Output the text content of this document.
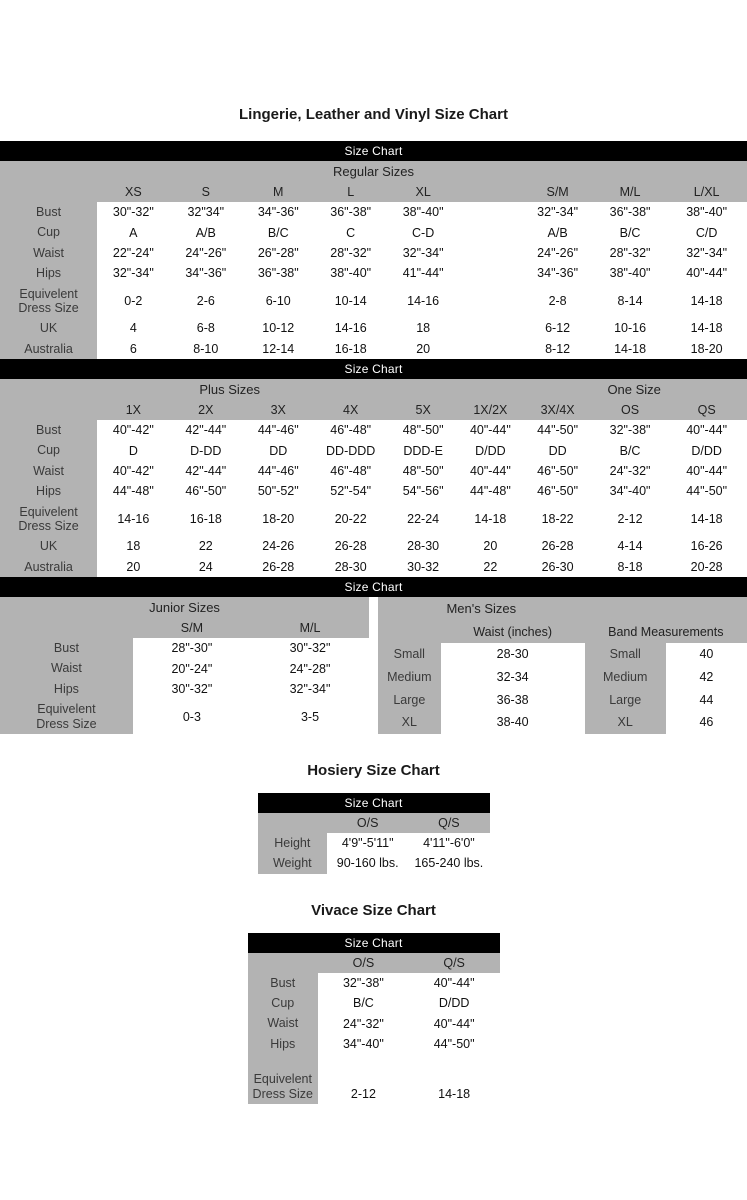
Lingerie, Leather and Vinyl Size Chart
Size Chart									
Regular Sizes									
	XS	S	M	L	XL		S/M	M/L	L/XL
Bust	30"-32"	32"34"	34"-36"	36"-38"	38"-40"		32"-34"	36"-38"	38"-40"
Cup	A	A/B	B/C	C	C-D		A/B	B/C	C/D
Waist	22"-24"	24"-26"	26"-28"	28"-32"	32"-34"		24"-26"	28"-32"	32"-34"
Hips	32"-34"	34"-36"	36"-38"	38"-40"	41"-44"		34"-36"	38"-40"	40"-44"
Equivelent
Dress Size	0-2	2-6	6-10	10-14	14-16		2-8	8-14	14-18
UK	4	6-8	10-12	14-16	18		6-12	10-16	14-18
Australia	6	8-10	12-14	16-18	20		8-12	14-18	18-20
Size Chart									
Plus Sizes							One Size		
	1X	2X	3X	4X	5X	1X/2X	3X/4X	OS	QS
Bust	40"-42"	42"-44"	44"-46"	46"-48"	48"-50"	40"-44"	44"-50"	32"-38"	40"-44"
Cup	D	D-DD	DD	DD-DDD	DDD-E	D/DD	DD	B/C	D/DD
Waist	40"-42"	42"-44"	44"-46"	46"-48"	48"-50"	40"-44"	46"-50"	24"-32"	40"-44"
Hips	44"-48"	46"-50"	50"-52"	52"-54"	54"-56"	44"-48"	46"-50"	34"-40"	44"-50"
Equivelent
Dress Size	14-16	16-18	18-20	20-22	22-24	14-18	18-22	2-12	14-18
UK	18	22	24-26	26-28	28-30	20	26-28	4-14	16-26
Australia	20	24	26-28	28-30	30-32	22	26-30	8-18	20-28
Size Chart
Junior Sizes		
	S/M	M/L
Bust	28"-30"	30"-32"
Waist	20"-24"	24"-28"
Hips	30"-32"	32"-34"
Equivelent
Dress Size	0-3	3-5
Men's Sizes			
	Waist (inches)	Band Measurements	
Small	28-30	Small	40
Medium	32-34	Medium	42
Large	36-38	Large	44
XL	38-40	XL	46
Hosiery Size Chart
Size Chart		
	O/S	Q/S
Height	4'9"-5'11"	4'11"-6'0"
Weight	90-160 lbs.	165-240 lbs.
Vivace Size Chart
Size Chart		
	O/S	Q/S
Bust	32"-38"	40"-44"
Cup	B/C	D/DD
Waist	24"-32"	40"-44"
Hips	34"-40"	44"-50"
Equivelent
Dress Size	2-12	14-18
